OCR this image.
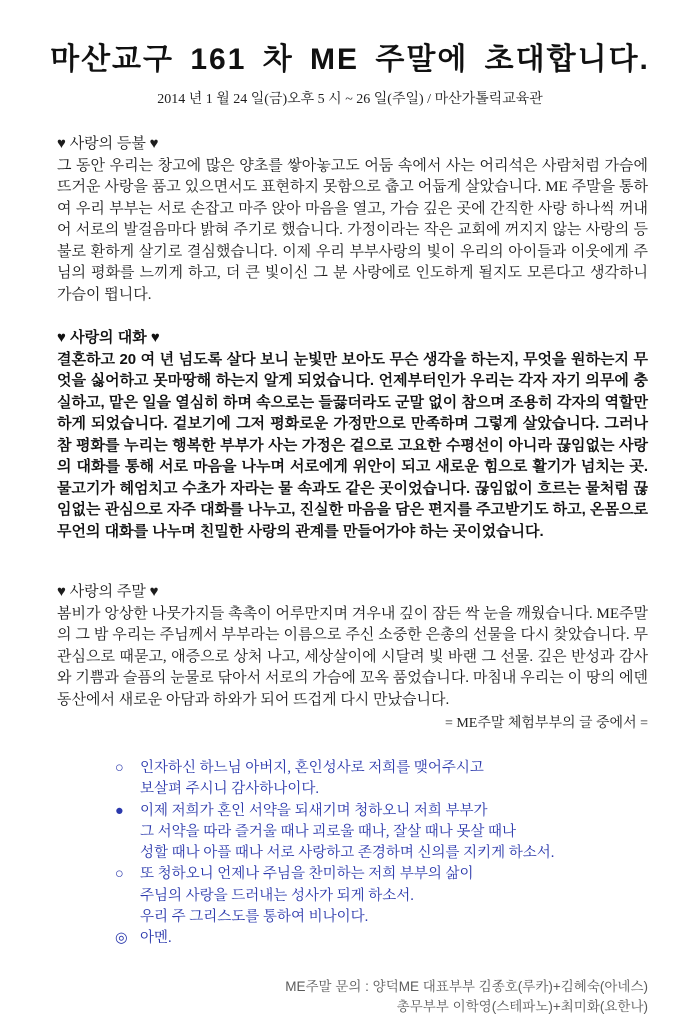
마산교구 161 차 ME 주말에 초대합니다.
2014 년 1 월 24 일(금)오후 5 시 ~ 26 일(주일) / 마산가톨릭교육관
♥ 사랑의 등불 ♥

그 동안 우리는 창고에 많은 양초를 쌓아놓고도 어둠 속에서 사는 어리석은 사람처럼 가슴에 뜨거운 사랑을 품고 있으면서도 표현하지 못함으로 춥고 어둡게 살았습니다. ME 주말을 통하여 우리 부부는 서로 손잡고 마주 앉아 마음을 열고, 가슴 깊은 곳에 간직한 사랑 하나씩 꺼내어 서로의 발걸음마다 밝혀 주기로 했습니다. 가정이라는 작은 교회에 꺼지지 않는 사랑의 등불로 환하게 살기로 결심했습니다. 이제 우리 부부사랑의 빛이 우리의 아이들과 이웃에게 주님의 평화를 느끼게 하고, 더 큰 빛이신 그 분 사랑에로 인도하게 될지도 모른다고 생각하니 가슴이 뜁니다.

♥ 사랑의 대화 ♥

결혼하고 20 여 년 넘도록 살다 보니 눈빛만 보아도 무슨 생각을 하는지, 무엇을 원하는지 무엇을 싫어하고 못마땅해 하는지 알게 되었습니다. 언제부터인가 우리는 각자 자기 의무에 충실하고, 맡은 일을 열심히 하며 속으로는 들끓더라도 군말 없이 참으며 조용히 각자의 역할만 하게 되었습니다. 겉보기에 그저 평화로운 가정만으로 만족하며 그렇게 살았습니다. 그러나 참 평화를 누리는 행복한 부부가 사는 가정은 겉으로 고요한 수평선이 아니라 끊임없는 사랑의 대화를 통해 서로 마음을 나누며 서로에게 위안이 되고 새로운 힘으로 활기가 넘치는 곳. 물고기가 헤엄치고 수초가 자라는 물 속과도 같은 곳이었습니다. 끊임없이 흐르는 물처럼 끊임없는 관심으로 자주 대화를 나누고, 진실한 마음을 담은 편지를 주고받기도 하고, 온몸으로 무언의 대화를 나누며 친밀한 사랑의 관계를 만들어가야 하는 곳이었습니다.

♥ 사랑의 주말 ♥

봄비가 앙상한 나뭇가지들 촉촉이 어루만지며 겨우내 깊이 잠든 싹 눈을 깨웠습니다. ME주말의 그 밤 우리는 주님께서 부부라는 이름으로 주신 소중한 은총의 선물을 다시 찾았습니다. 무관심으로 때묻고, 애증으로 상처 나고, 세상살이에 시달려 빛 바랜 그 선물. 깊은 반성과 감사와 기쁨과 슬픔의 눈물로 닦아서 서로의 가슴에 꼬옥 품었습니다. 마침내 우리는 이 땅의 에덴동산에서 새로운 아담과 하와가 되어 뜨겁게 다시 만났습니다.

= ME주말 체험부부의 글 중에서 =
○	인자하신 하느님 아버지, 혼인성사로 저희를 맺어주시고
보살펴 주시니 감사하나이다.
●	이제 저희가 혼인 서약을 되새기며 청하오니 저희 부부가
그 서약을 따라 즐거울 때나 괴로울 때나, 잘살 때나 못살 때나
성할 때나 아플 때나 서로 사랑하고 존경하며 신의를 지키게 하소서.
○	또 청하오니 언제나 주님을 찬미하는 저희 부부의 삶이
주님의 사랑을 드러내는 성사가 되게 하소서.
우리 주 그리스도를 통하여 비나이다.
◎ 아멘.
ME주말 문의 : 양덕ME 대표부부 김종호(루카)+김혜숙(아네스)
총무부부 이학영(스테파노)+최미화(요한나)
